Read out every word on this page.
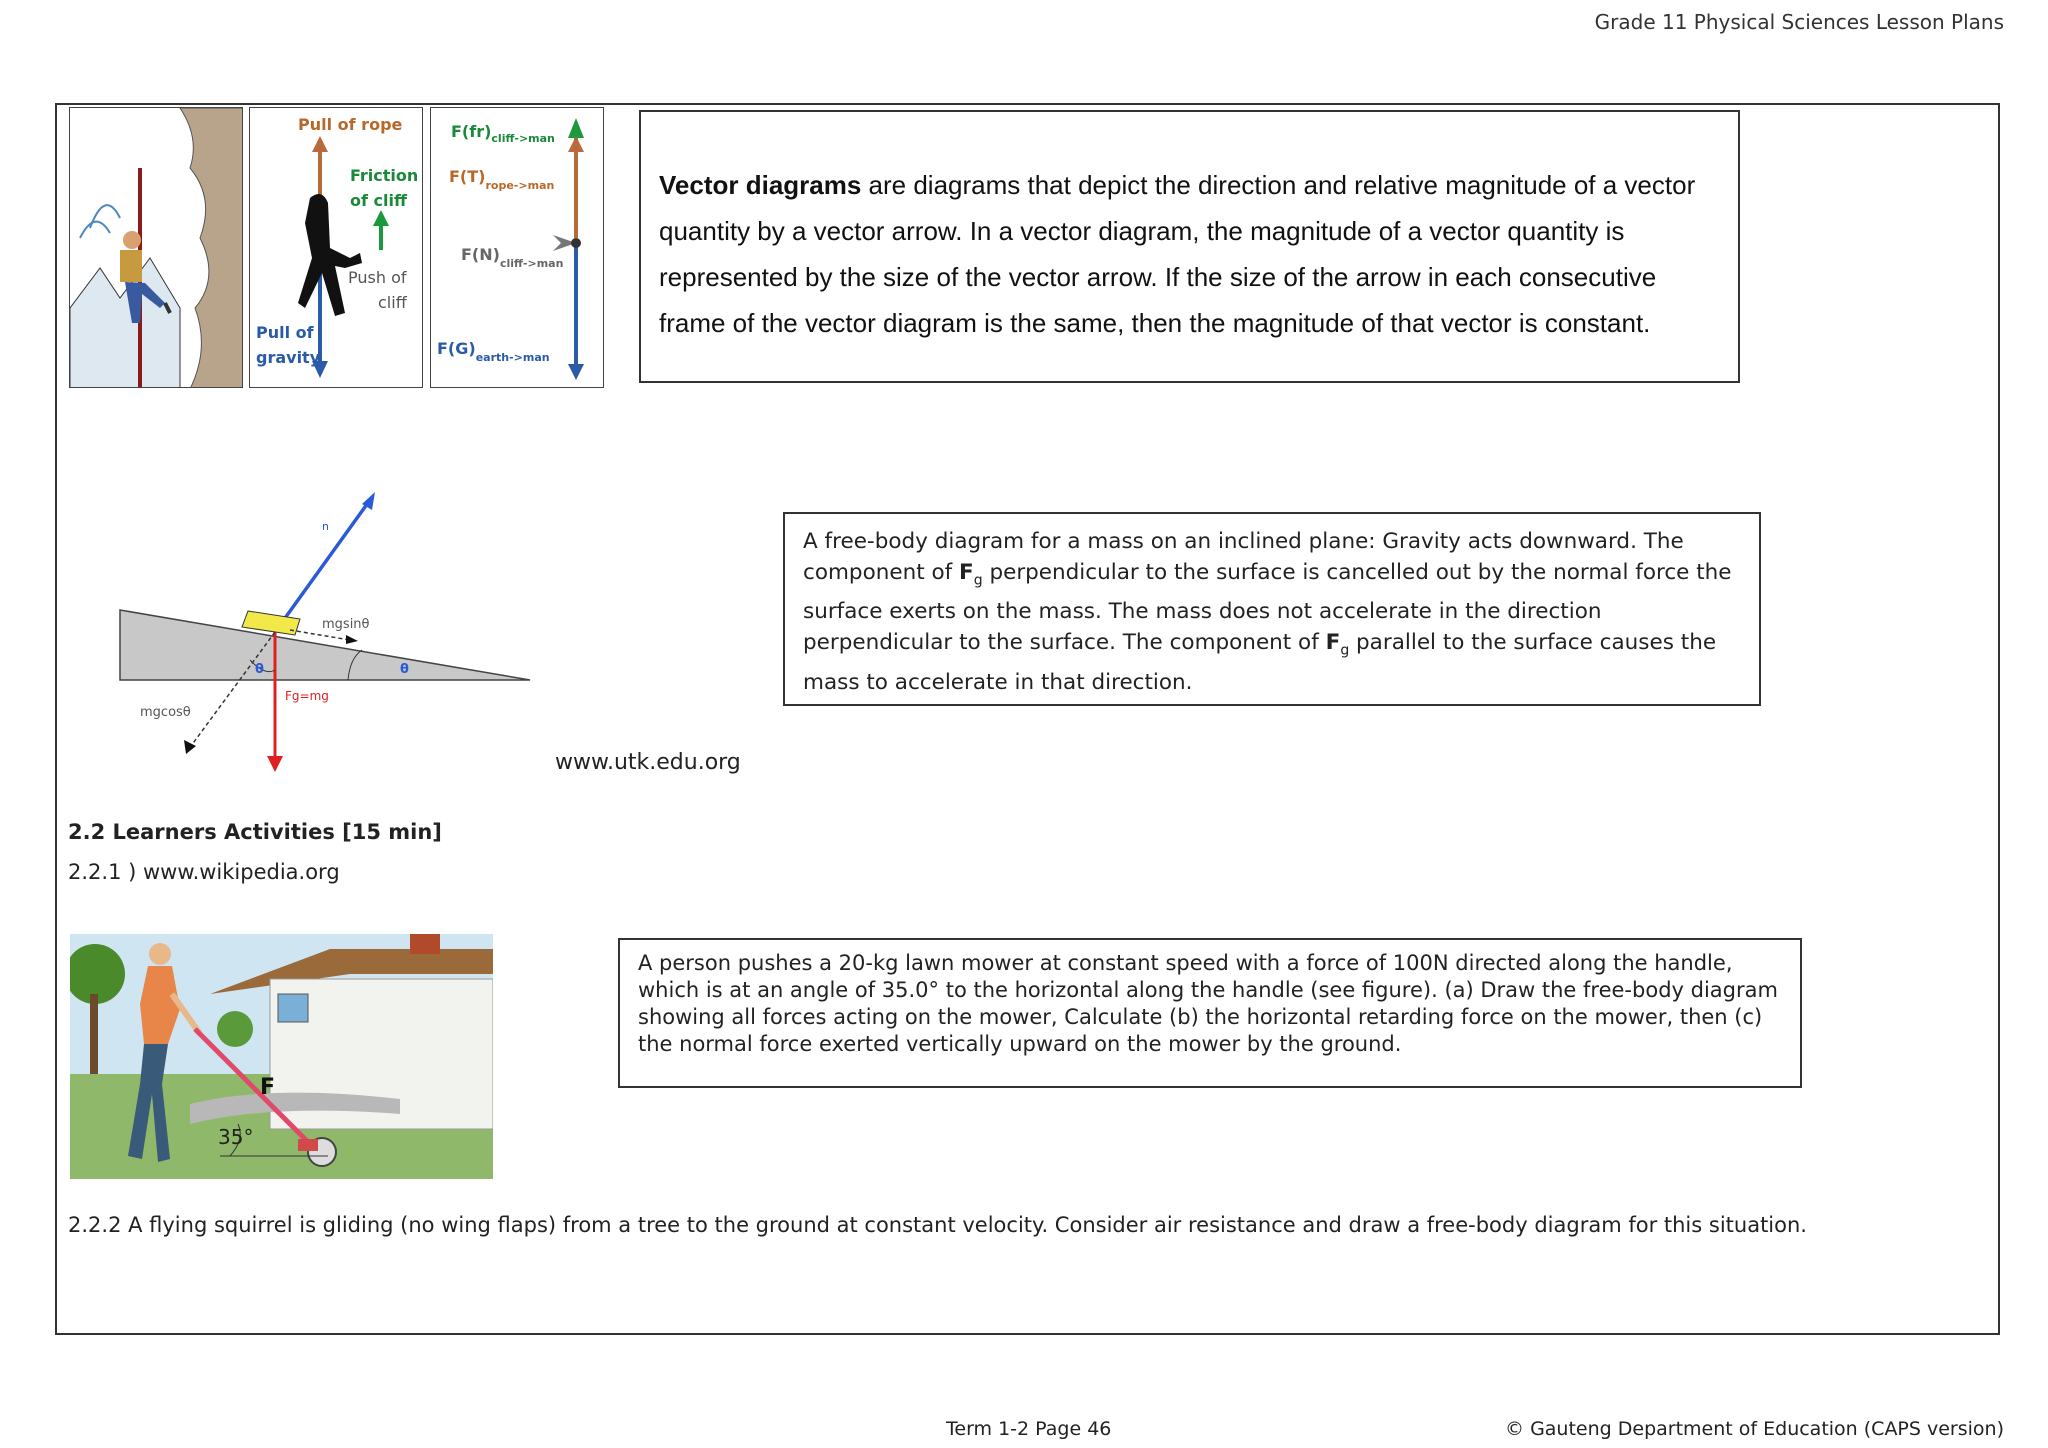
Grade 11 Physical Sciences Lesson Plans
Pull of rope
Friction
of cliff
Push of
cliff
Pull of
gravity
$F(fr)_{cliff->man}$
$F(T)_{rope->man}$
$F(N)_{cliff->man}$
$F(G)_{earth->man}$
Vector diagrams are diagrams that depict the direction and relative magnitude of a vector quantity by a vector arrow. In a vector diagram, the magnitude of a vector quantity is represented by the size of the vector arrow. If the size of the arrow in each consecutive frame of the vector diagram is the same, then the magnitude of that vector is constant.
n
mgsinθ
Fg=mg
mgcosθ
θ	θ
A free-body diagram for a mass on an inclined plane: Gravity acts downward. The component of $F_g$ perpendicular to the surface is cancelled out by the normal force the surface exerts on the mass. The mass does not accelerate in the direction perpendicular to the surface. The component of $F_g$ parallel to the surface causes the mass to accelerate in that direction.
www.utk.edu.org
2.2 Learners Activities [15 min]
2.2.1 ) www.wikipedia.org
F
35°
A person pushes a 20-kg lawn mower at constant speed with a force of 100N directed along the handle, which is at an angle of 35.0° to the horizontal along the handle (see figure). (a) Draw the free-body diagram showing all forces acting on the mower, Calculate (b) the horizontal retarding force on the mower, then (c) the normal force exerted vertically upward on the mower by the ground.
2.2.2 A flying squirrel is gliding (no wing flaps) from a tree to the ground at constant velocity. Consider air resistance and draw a free-body diagram for this situation.
Term 1-2 Page 46	© Gauteng Department of Education (CAPS version)
